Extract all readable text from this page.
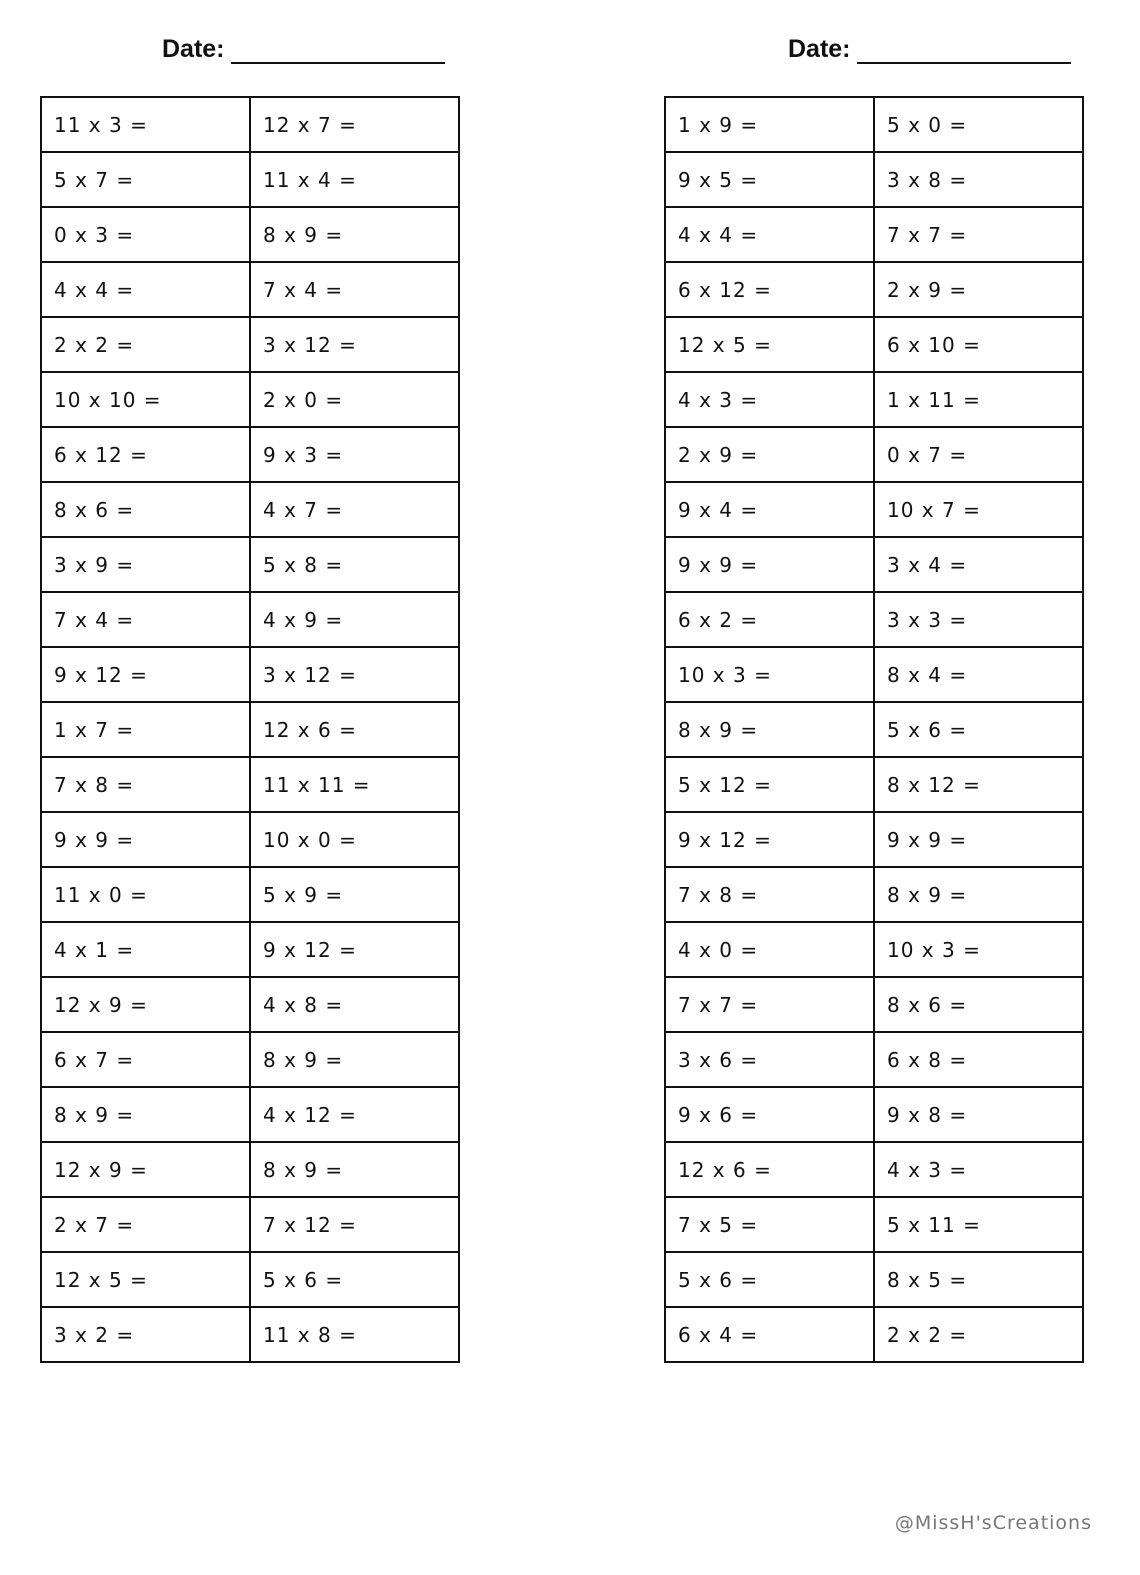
Date:
11 x 3 =	12 x 7 =
5 x 7 =	11 x 4 =
0 x 3 =	8 x 9 =
4 x 4 =	7 x 4 =
2 x 2 =	3 x 12 =
10 x 10 =	2 x 0 =
6 x 12 =	9 x 3 =
8 x 6 =	4 x 7 =
3 x 9 =	5 x 8 =
7 x 4 =	4 x 9 =
9 x 12 =	3 x 12 =
1 x 7 =	12 x 6 =
7 x 8 =	11 x 11 =
9 x 9 =	10 x 0 =
11 x 0 =	5 x 9 =
4 x 1 =	9 x 12 =
12 x 9 =	4 x 8 =
6 x 7 =	8 x 9 =
8 x 9 =	4 x 12 =
12 x 9 =	8 x 9 =
2 x 7 =	7 x 12 =
12 x 5 =	5 x 6 =
3 x 2 =	11 x 8 =
Date:
1 x 9 =	5 x 0 =
9 x 5 =	3 x 8 =
4 x 4 =	7 x 7 =
6 x 12 =	2 x 9 =
12 x 5 =	6 x 10 =
4 x 3 =	1 x 11 =
2 x 9 =	0 x 7 =
9 x 4 =	10 x 7 =
9 x 9 =	3 x 4 =
6 x 2 =	3 x 3 =
10 x 3 =	8 x 4 =
8 x 9 =	5 x 6 =
5 x 12 =	8 x 12 =
9 x 12 =	9 x 9 =
7 x 8 =	8 x 9 =
4 x 0 =	10 x 3 =
7 x 7 =	8 x 6 =
3 x 6 =	6 x 8 =
9 x 6 =	9 x 8 =
12 x 6 =	4 x 3 =
7 x 5 =	5 x 11 =
5 x 6 =	8 x 5 =
6 x 4 =	2 x 2 =
@MissH'sCreations
